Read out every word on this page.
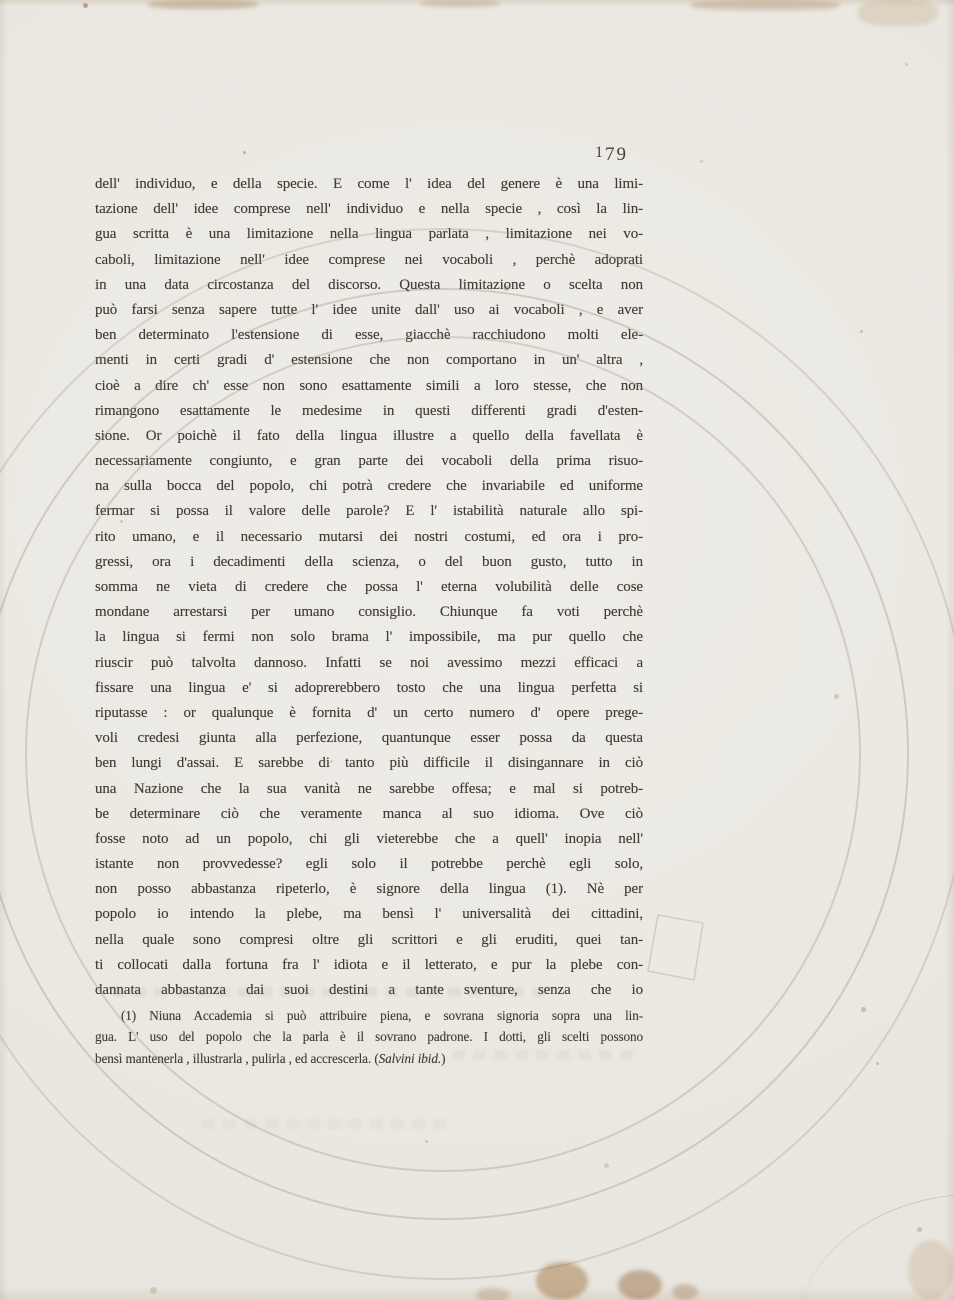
179
dell' individuo, e della specie. E come l' idea del genere è una limi-
tazione dell' idee comprese nell' individuo e nella specie , così la lin-
gua scritta è una limitazione nella lingua parlata , limitazione nei vo-
caboli, limitazione nell' idee comprese nei vocaboli , perchè adoprati
in una data circostanza del discorso. Questa limitazione o scelta non
può farsi senza sapere tutte l' idee unite dall' uso ai vocaboli , e aver
ben determinato l'estensione di esse, giacchè racchiudono molti ele-
menti in certi gradi d' estensione che non comportano in un' altra ,
cioè a dire ch' esse non sono esattamente simili a loro stesse, che non
rimangono esattamente le medesime in questi differenti gradi d'esten-
sione. Or poichè il fato della lingua illustre a quello della favellata è
necessariamente congiunto, e gran parte dei vocaboli della prima risuo-
na sulla bocca del popolo, chi potrà credere che invariabile ed uniforme
fermar si possa il valore delle parole? E l' istabilità naturale allo spi-
rito umano, e il necessario mutarsi dei nostri costumi, ed ora i pro-
gressi, ora i decadimenti della scienza, o del buon gusto, tutto in
somma ne vieta di credere che possa l' eterna volubilità delle cose
mondane arrestarsi per umano consiglio. Chiunque fa voti perchè
la lingua si fermi non solo brama l' impossibile, ma pur quello che
riuscir può talvolta dannoso. Infatti se noi avessimo mezzi efficaci a
fissare una lingua e' si adoprerebbero tosto che una lingua perfetta si
riputasse : or qualunque è fornita d' un certo numero d' opere prege-
voli credesi giunta alla perfezione, quantunque esser possa da questa
ben lungi d'assai. E sarebbe di tanto più difficile il disingannare in ciò
una Nazione che la sua vanità ne sarebbe offesa; e mal si potreb-
be determinare ciò che veramente manca al suo idioma. Ove ciò
fosse noto ad un popolo, chi gli vieterebbe che a quell' inopia nell'
istante non provvedesse? egli solo il potrebbe perchè egli solo,
non posso abbastanza ripeterlo, è signore della lingua (1). Nè per
popolo io intendo la plebe, ma bensì l' universalità dei cittadini,
nella quale sono compresi oltre gli scrittori e gli eruditi, quei tan-
ti collocati dalla fortuna fra l' idiota e il letterato, e pur la plebe con-
dannata abbastanza dai suoi destini a tante sventure, senza che io
(1) Niuna Accademia si può attribuire piena, e sovrana signoria sopra una lin-
gua. L' uso del popolo che la parla è il sovrano padrone. I dotti, gli scelti possono
bensì mantenerla , illustrarla , pulirla , ed accrescerla. (Salvini ibid.)
